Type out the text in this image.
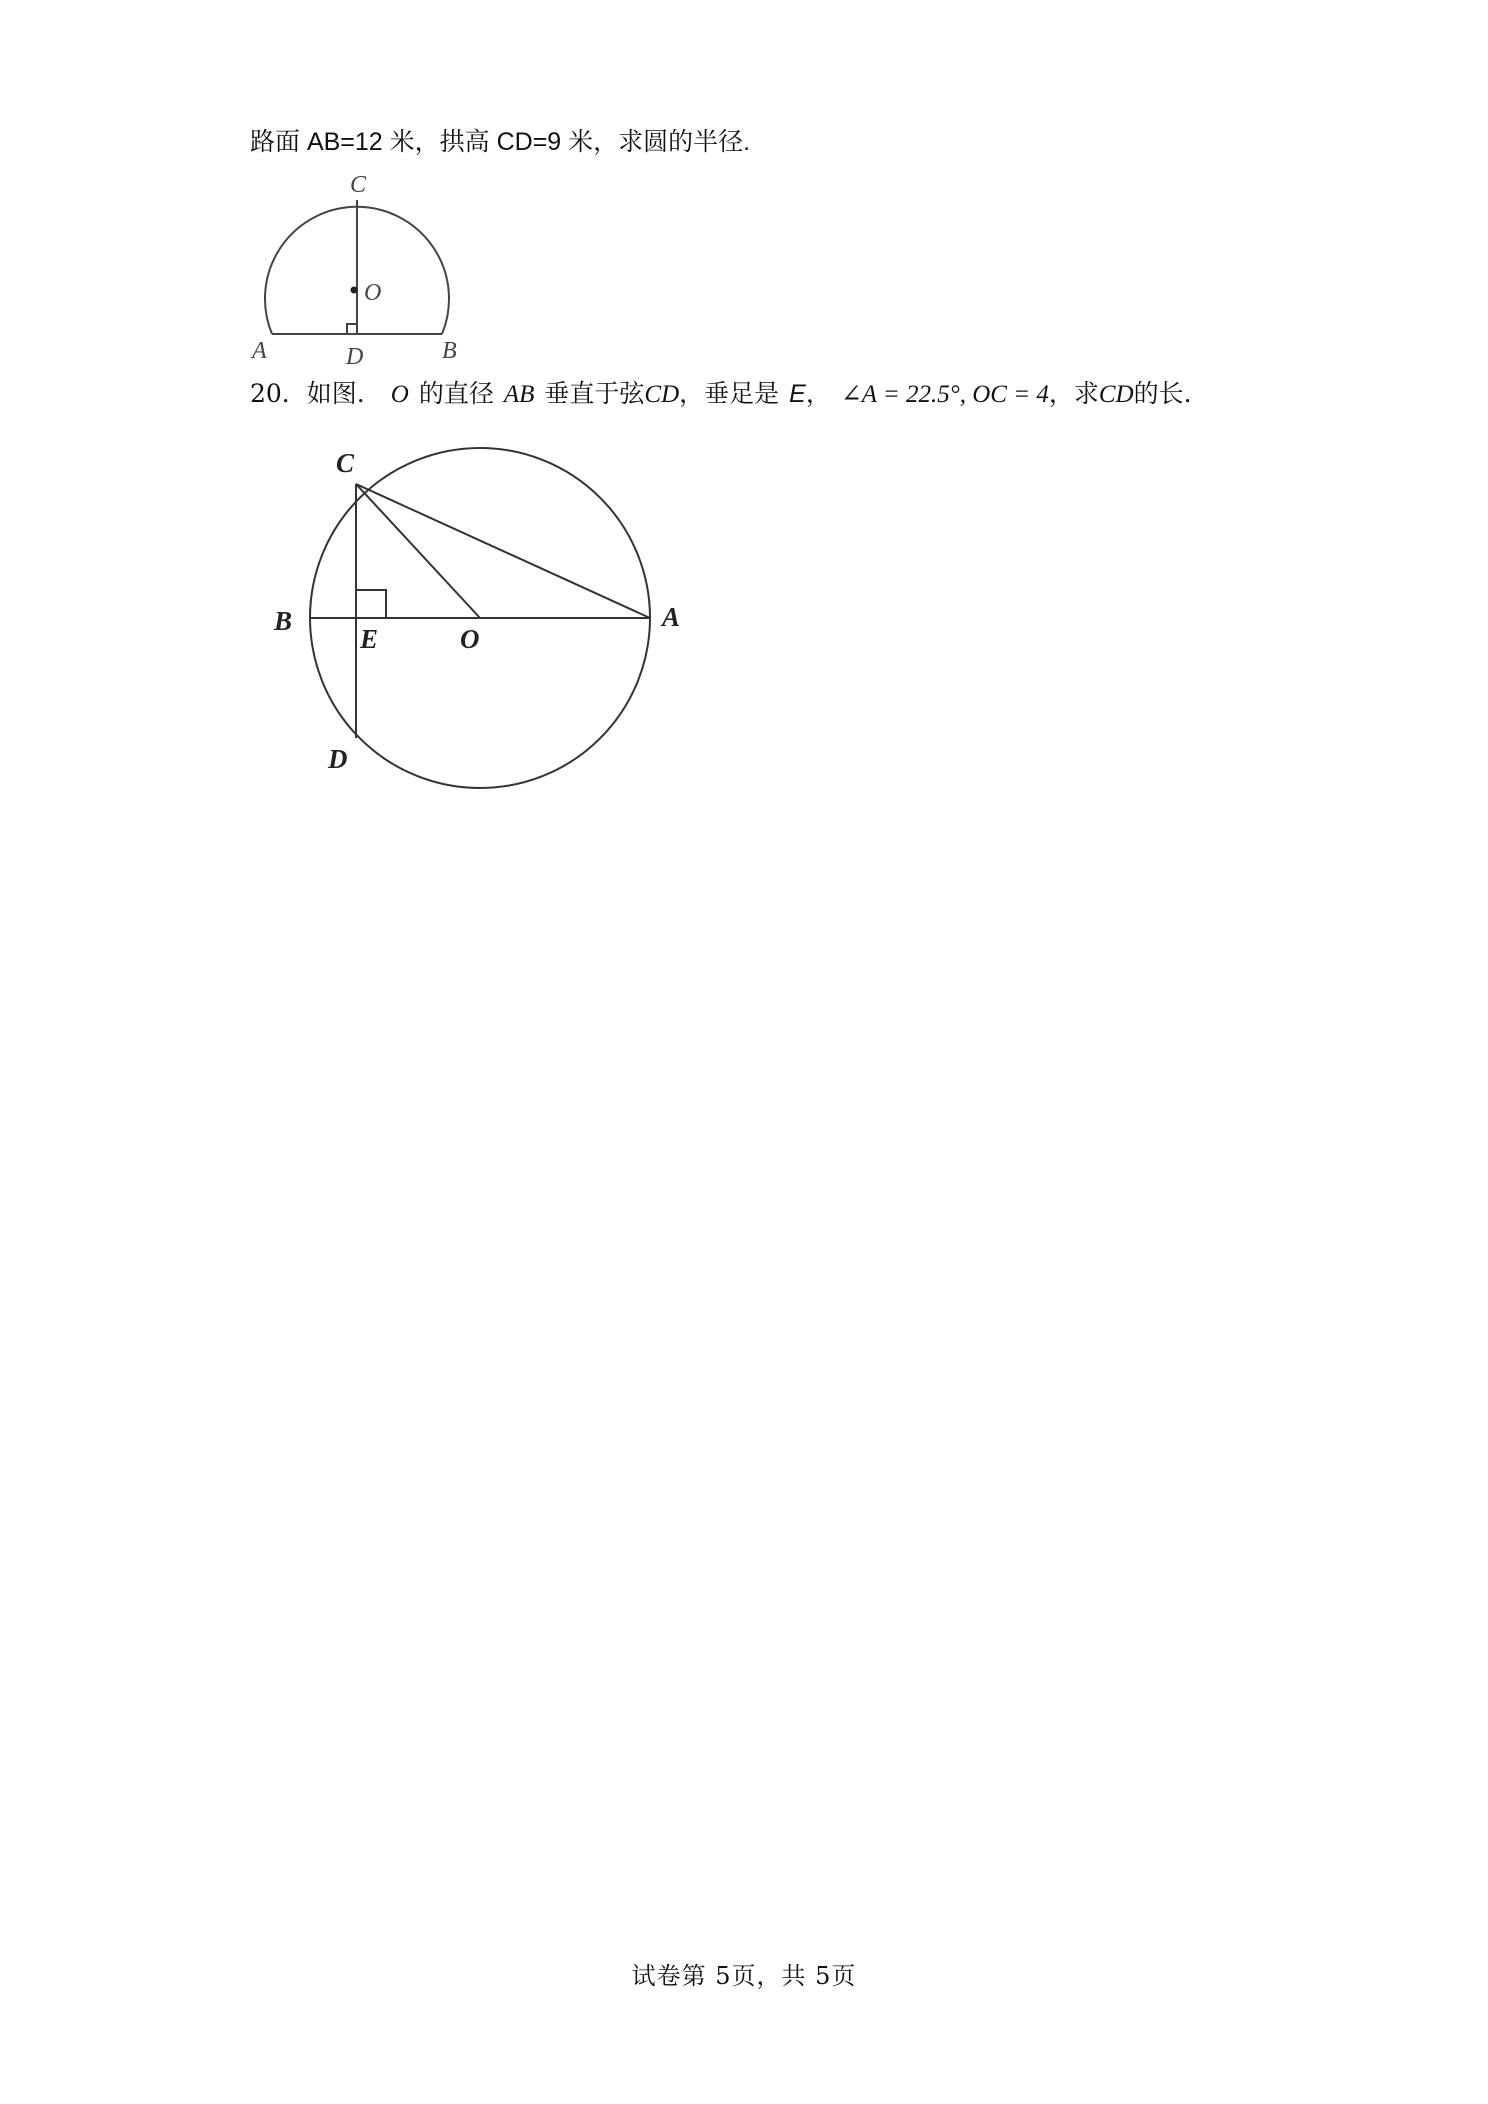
路面 AB=12 米，拱高 CD=9 米，求圆的半径.
C
O
A	D	B
20．如图. O 的直径 AB 垂直于弦CD，垂足是 E， ∠A = 22.5°, OC = 4，求CD的长.
C
B
E	O
A
D
试卷第 5页，共 5页
